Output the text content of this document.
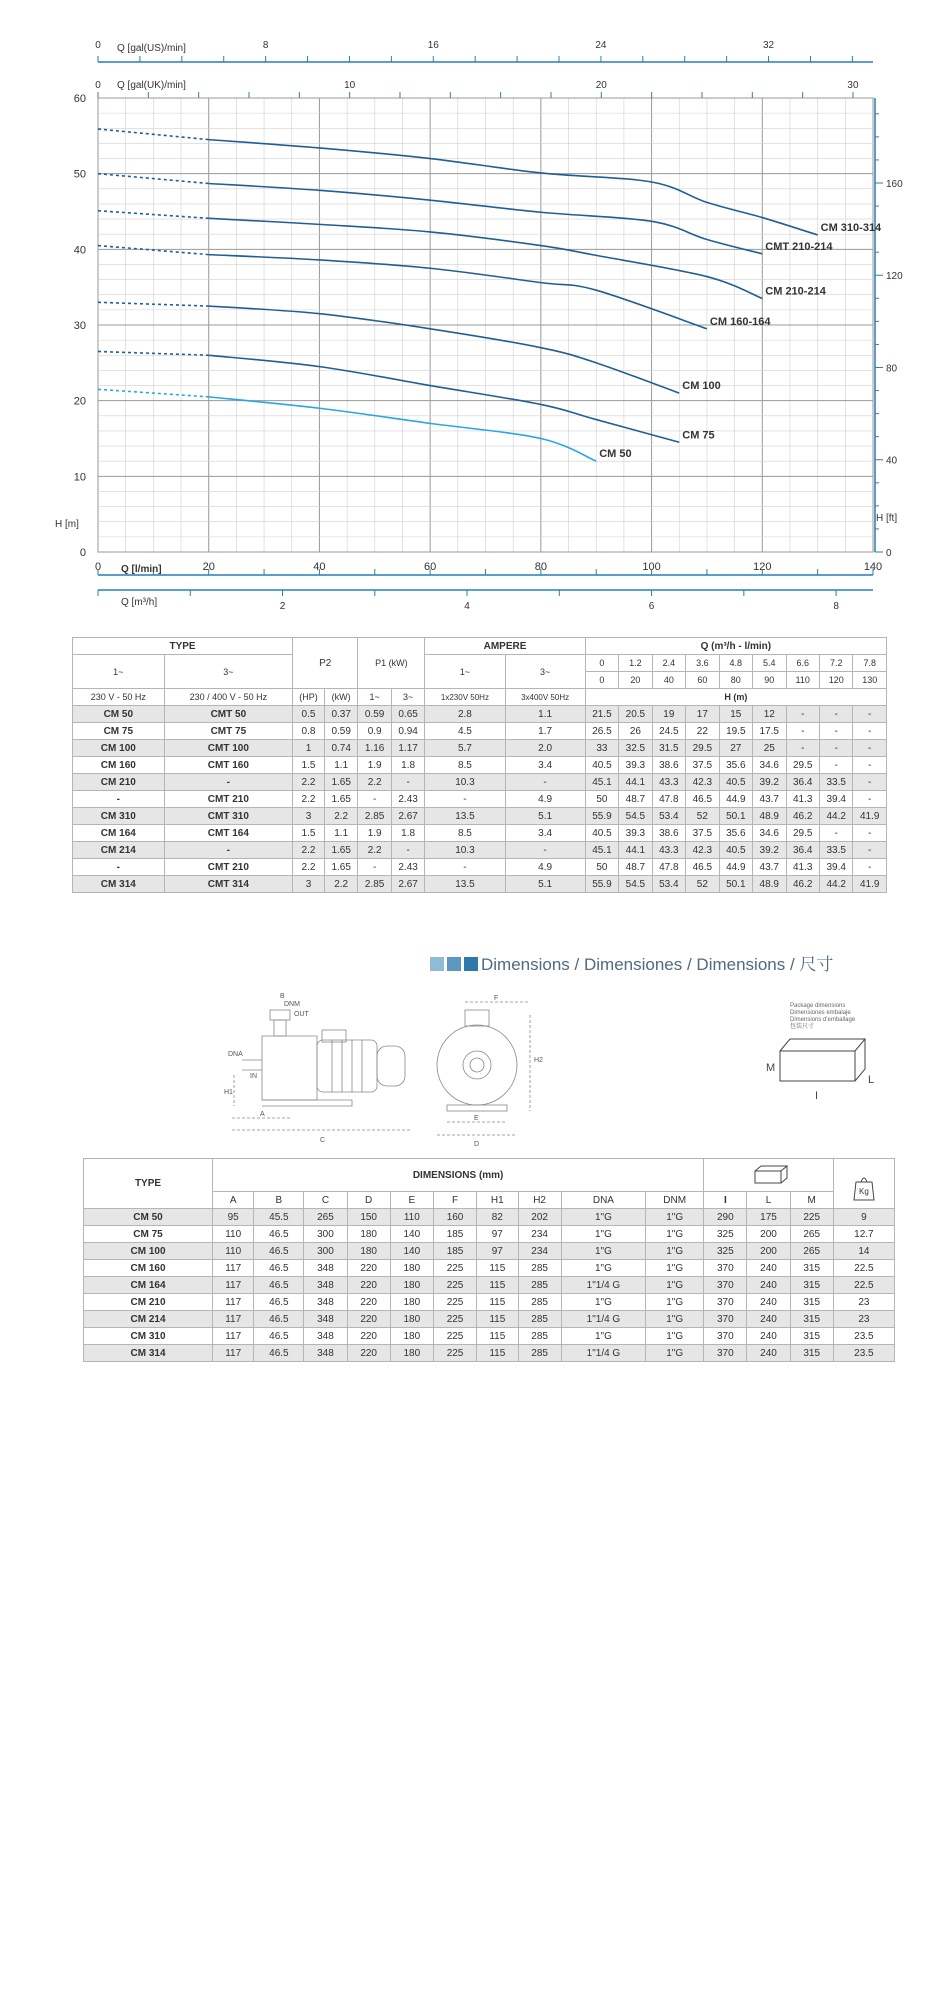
0	20	40	60	80	100	120	140
0
10
20
30
40
50
60
0
40
80
120
160
0	8	16	24	32
0	10	20	30
2	4	6	8
CM 310-314
CMT 210-214
CM 210-214
CM 160-164
CM 100
CM 75
CM 50
Q [gal(US)/min]
Q [gal(UK)/min]
H [m]
H [ft]
Q [l/min]
Q [m³/h]
TYPE		P2		P1 (kW)		AMPERE		Q (m³/h - l/min)								
1~	3~					1~	3~	0	1.2	2.4	3.6	4.8	5.4	6.6	7.2	7.8
								0	20	40	60	80	90	110	120	130
230 V - 50 Hz	230 / 400 V - 50 Hz	(HP)	(kW)	1~	3~	1x230V 50Hz	3x400V 50Hz	H (m)								
CM 50	CMT 50	0.5	0.37	0.59	0.65	2.8	1.1	21.5	20.5	19	17	15	12	-	-	-
CM 75	CMT 75	0.8	0.59	0.9	0.94	4.5	1.7	26.5	26	24.5	22	19.5	17.5	-	-	-
CM 100	CMT 100	1	0.74	1.16	1.17	5.7	2.0	33	32.5	31.5	29.5	27	25	-	-	-
CM 160	CMT 160	1.5	1.1	1.9	1.8	8.5	3.4	40.5	39.3	38.6	37.5	35.6	34.6	29.5	-	-
CM 210	-	2.2	1.65	2.2	-	10.3	-	45.1	44.1	43.3	42.3	40.5	39.2	36.4	33.5	-
-	CMT 210	2.2	1.65	-	2.43	-	4.9	50	48.7	47.8	46.5	44.9	43.7	41.3	39.4	-
CM 310	CMT 310	3	2.2	2.85	2.67	13.5	5.1	55.9	54.5	53.4	52	50.1	48.9	46.2	44.2	41.9
CM 164	CMT 164	1.5	1.1	1.9	1.8	8.5	3.4	40.5	39.3	38.6	37.5	35.6	34.6	29.5	-	-
CM 214	-	2.2	1.65	2.2	-	10.3	-	45.1	44.1	43.3	42.3	40.5	39.2	36.4	33.5	-
-	CMT 210	2.2	1.65	-	2.43	-	4.9	50	48.7	47.8	46.5	44.9	43.7	41.3	39.4	-
CM 314	CMT 314	3	2.2	2.85	2.67	13.5	5.1	55.9	54.5	53.4	52	50.1	48.9	46.2	44.2	41.9
Dimensions / Dimensiones / Dimensions / 尺寸
B
DNM
OUT
DNA
IN
H1
A
C
F
H2
E
D
Package dimensions
Dimensiones embalaje
Dimensions d'emballage
包装尺寸
M
L
I
TYPE	DIMENSIONS (mm)													Kg

	A	B	C	D	E	F	H1	H2	DNA	DNM	I	L	M	
CM 50	95	45.5	265	150	110	160	82	202	1"G	1"G	290	175	225	9
CM 75	110	46.5	300	180	140	185	97	234	1"G	1"G	325	200	265	12.7
CM 100	110	46.5	300	180	140	185	97	234	1"G	1"G	325	200	265	14
CM 160	117	46.5	348	220	180	225	115	285	1"G	1"G	370	240	315	22.5
CM 164	117	46.5	348	220	180	225	115	285	1"1/4 G	1"G	370	240	315	22.5
CM 210	117	46.5	348	220	180	225	115	285	1"G	1"G	370	240	315	23
CM 214	117	46.5	348	220	180	225	115	285	1"1/4 G	1"G	370	240	315	23
CM 310	117	46.5	348	220	180	225	115	285	1"G	1"G	370	240	315	23.5
CM 314	117	46.5	348	220	180	225	115	285	1"1/4 G	1"G	370	240	315	23.5
